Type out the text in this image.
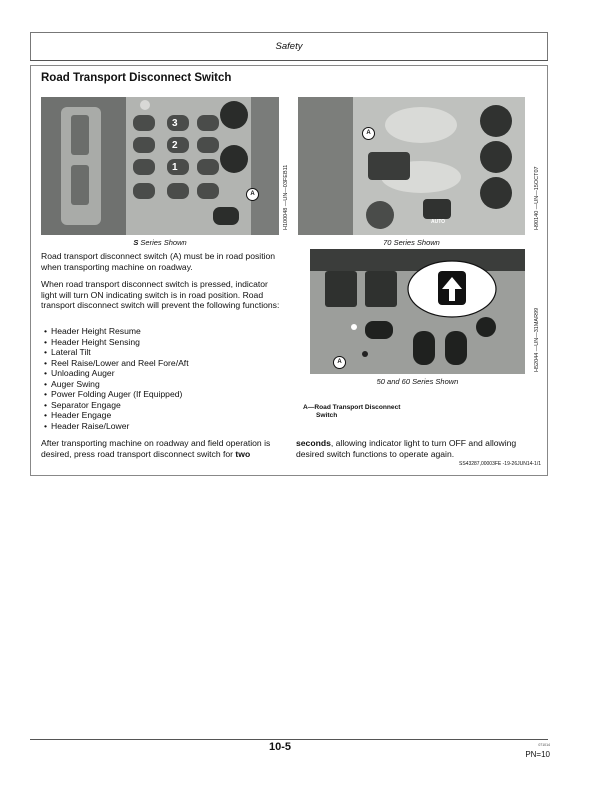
Safety
Road Transport Disconnect Switch
3
2
1
A	H100048 —UN—03FEB11
S Series Shown
AUTO
A
H90140 —UN—15OCT07
70 Series Shown
A	H52044 —UN—31MAR99
50 and 60 Series Shown
Road transport disconnect switch (A) must be in road position when transporting machine on roadway.
When road transport disconnect switch is pressed, indicator light will turn ON indicating switch is in road position. Road transport disconnect switch will prevent the following functions:
• Header Height Resume
• Header Height Sensing
• Lateral Tilt
• Reel Raise/Lower and Reel Fore/Aft
• Unloading Auger
• Auger Swing
• Power Folding Auger (If Equipped)
• Separator Engage
• Header Engage
• Header Raise/Lower
After transporting machine on roadway and field operation is desired, press road transport disconnect switch for two
A—Road Transport Disconnect
Switch
seconds, allowing indicator light to turn OFF and allowing desired switch functions to operate again.
SS43287,00003FE -19-26JUN14-1/1
10-5	071014
PN=10
